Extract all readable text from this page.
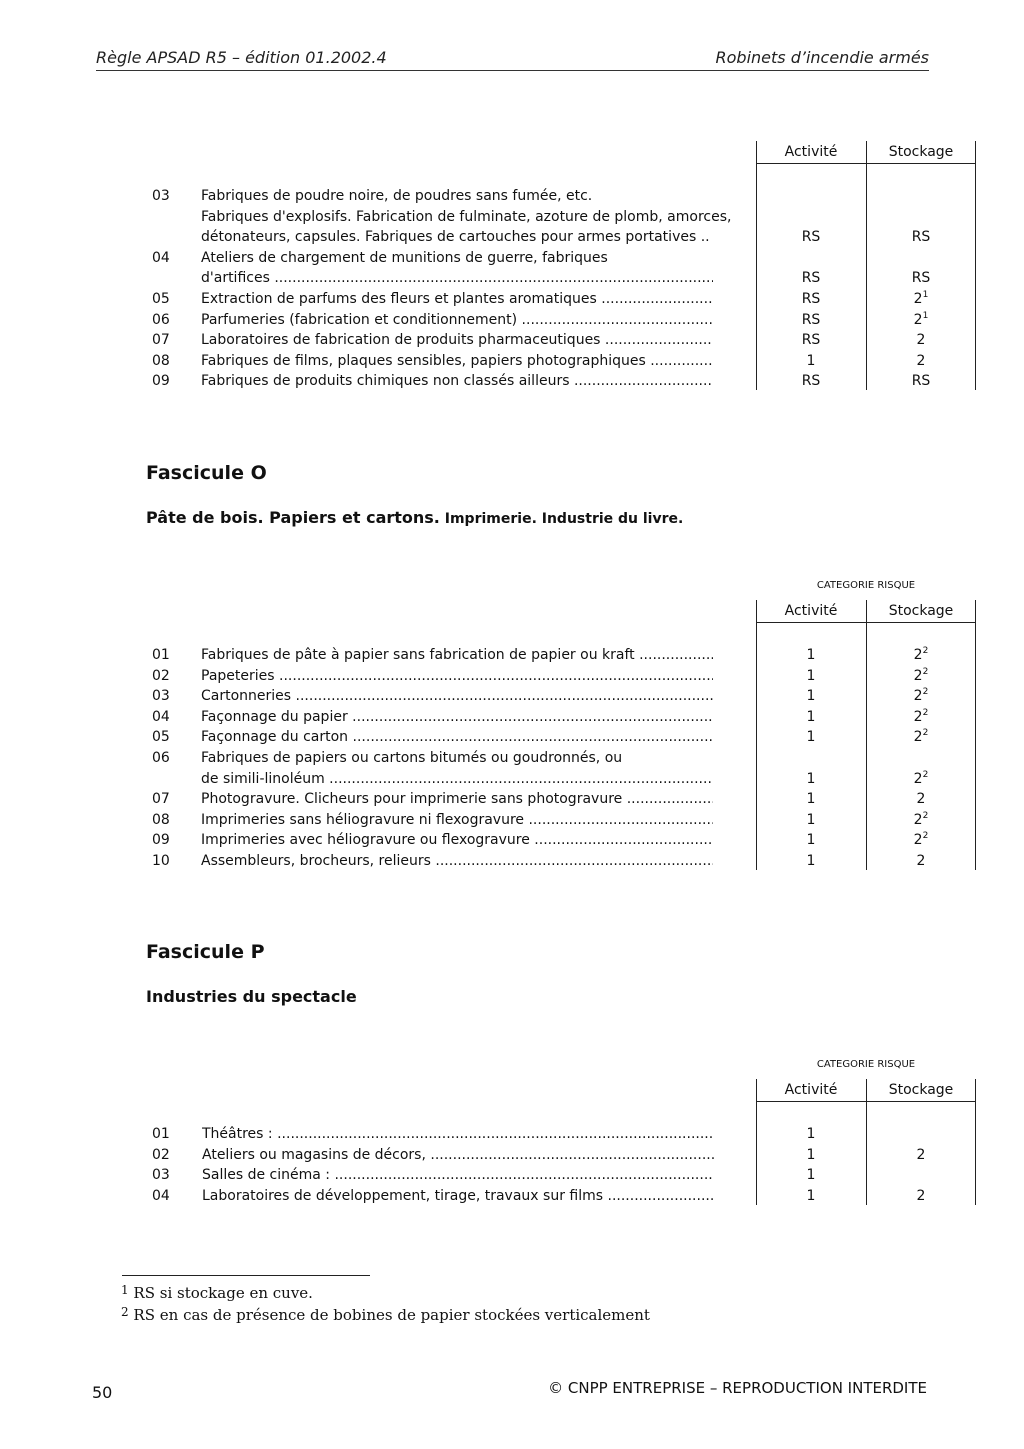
Règle APSAD R5 – édition 01.2002.4	Robinets d’incendie armés
Activité	Stockage
03 Fabriques de poudre noire, de poudres sans fumée, etc.
Fabriques d'explosifs. Fabrication de fulminate, azoture de plomb, amorces,
détonateurs, capsules. Fabriques de cartouches pour armes portatives ..	RS	RS
04 Ateliers de chargement de munitions de guerre, fabriques
d'artifices .....	RS	RS
05 Extraction de parfums des fleurs et plantes aromatiques .....	RS	$2^1$
06 Parfumeries (fabrication et conditionnement) .....	RS	$2^1$
07 Laboratoires de fabrication de produits pharmaceutiques .....	RS	2
08 Fabriques de films, plaques sensibles, papiers photographiques .....	1	2
09 Fabriques de produits chimiques non classés ailleurs .....	RS	RS
Fascicule O
Pâte de bois. Papiers et cartons. Imprimerie. Industrie du livre.
CATEGORIE RISQUE
Activité	Stockage
01 Fabriques de pâte à papier sans fabrication de papier ou kraft .....	1	$2^2$
02 Papeteries .....	1	$2^2$
03 Cartonneries .....	1	$2^2$
04 Façonnage du papier .....	1	$2^2$
05 Façonnage du carton .....	1	$2^2$
06 Fabriques de papiers ou cartons bitumés ou goudronnés, ou
de simili-linoléum .....	1	$2^2$
07 Photogravure. Clicheurs pour imprimerie sans photogravure .....	1	2
08 Imprimeries sans héliogravure ni flexogravure .....	1	$2^2$
09 Imprimeries avec héliogravure ou flexogravure .....	1	$2^2$
10 Assembleurs, brocheurs, relieurs .....	1	2
Fascicule P
Industries du spectacle
CATEGORIE RISQUE
Activité	Stockage
01 Théâtres : .....	1
02 Ateliers ou magasins de décors, .....	1	2
03 Salles de cinéma : .....	1
04 Laboratoires de développement, tirage, travaux sur films .....	1	2
$^1$ RS si stockage en cuve.
$^2$ RS en cas de présence de bobines de papier stockées verticalement
50	© CNPP ENTREPRISE – REPRODUCTION INTERDITE
